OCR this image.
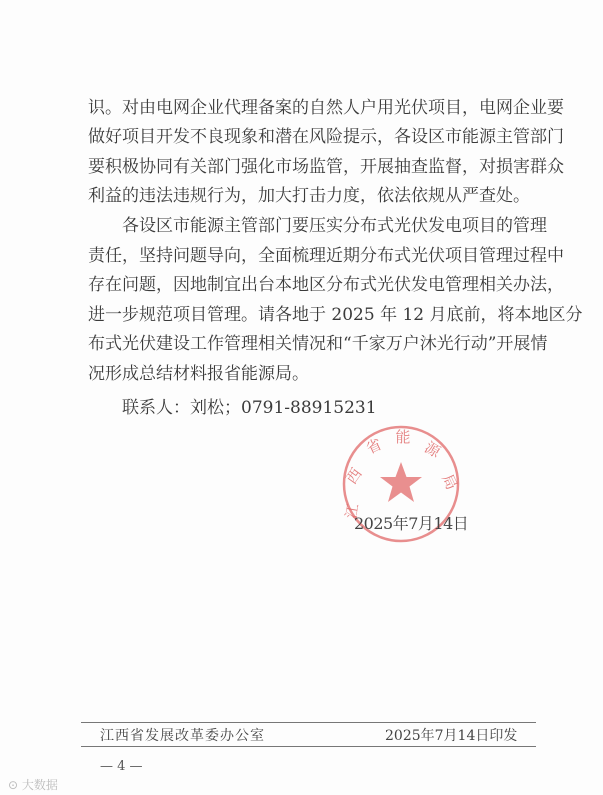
识。对由电网企业代理备案的自然人户用光伏项目，电网企业要
做好项目开发不良现象和潜在风险提示，各设区市能源主管部门
要积极协同有关部门强化市场监管，开展抽查监督，对损害群众
利益的违法违规行为，加大打击力度，依法依规从严查处。
各设区市能源主管部门要压实分布式光伏发电项目的管理
责任，坚持问题导向，全面梳理近期分布式光伏项目管理过程中
存在问题，因地制宜出台本地区分布式光伏发电管理相关办法，
进一步规范项目管理。请各地于 2025 年 12 月底前，将本地区分
布式光伏建设工作管理相关情况和“千家万户沐光行动”开展情
况形成总结材料报省能源局。
联系人：刘松；0791-88915231
江
西
省 能
源
局
2025年7月14日
江西省发展改革委办公室	2025年7月14日印发
— 4 —
⊙ 大数据
